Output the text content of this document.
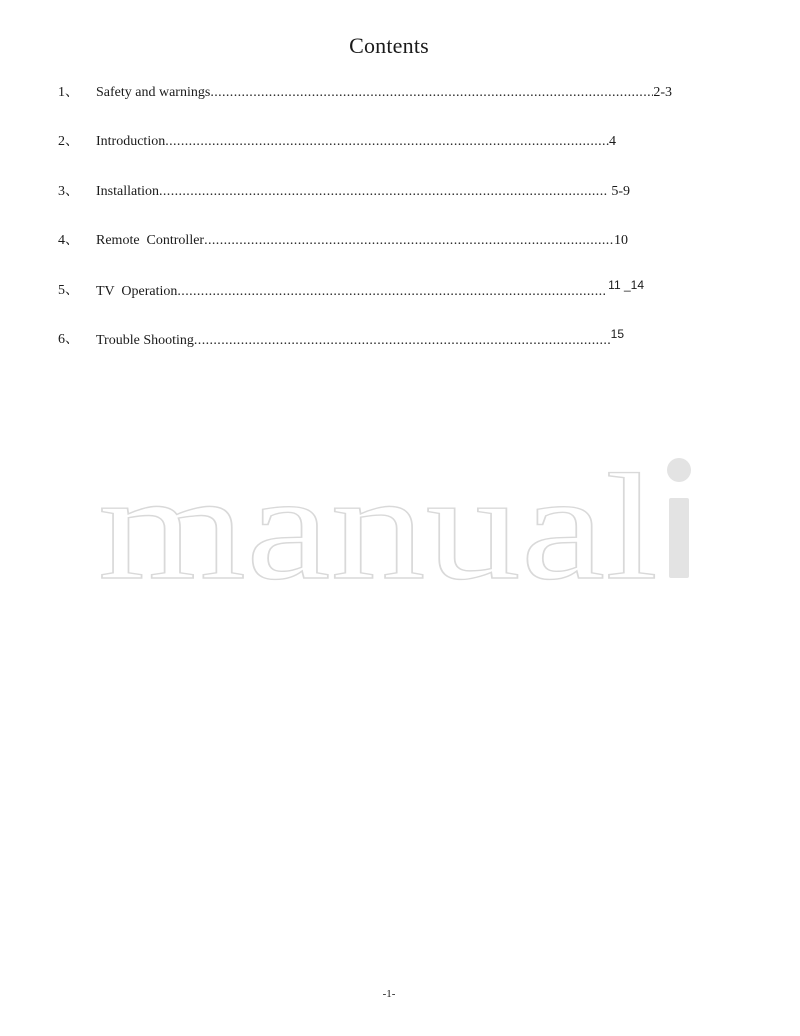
Contents
1、	Safety and warnings .....	2-3
2、	Introduction .....	4
3、	Installation .....	5-9
4、	Remote  Controller .....	10
5、	TV  Operation .....	11 _14
6、	Trouble Shooting .....	15
manual
-1-
